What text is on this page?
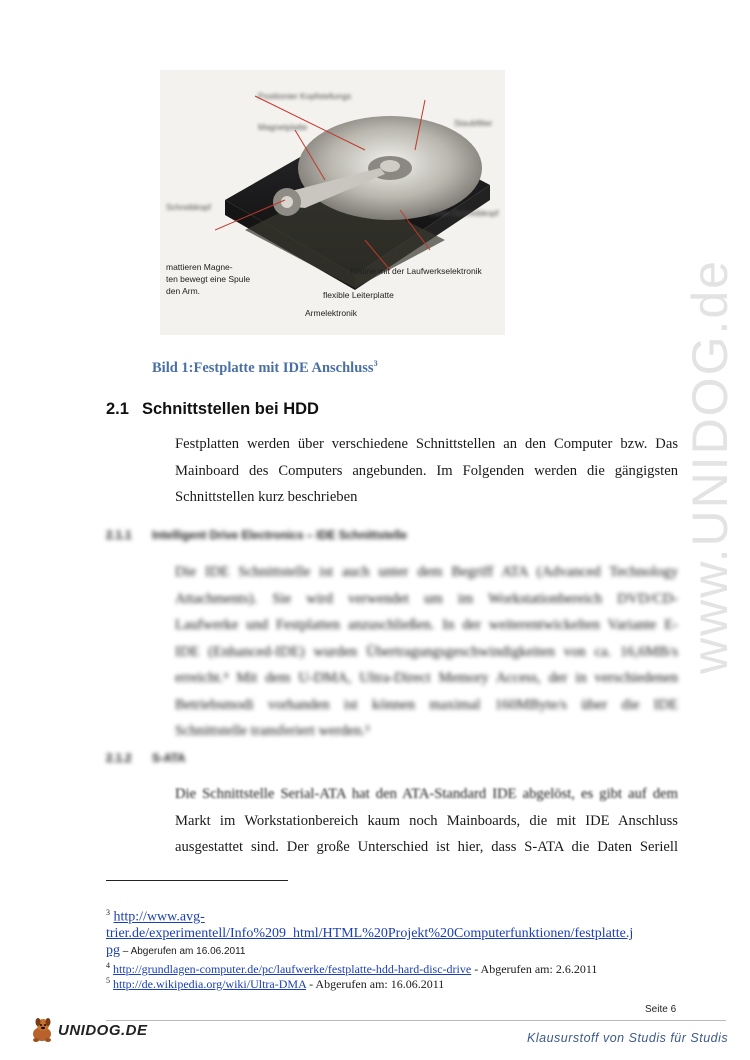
www.UNIDOG.de
Positionier Kopfstellungs
Magnetplatte	Staubfilter
Lese-/Schreibkopf
Schreibkopf
mattieren Magne-
ten bewegt eine Spule
den Arm.
Platine mit der Laufwerkselektronik
flexible Leiterplatte
Armelektronik
Bild 1:Festplatte mit IDE Anschluss$^3$
2.1 Schnittstellen bei HDD
Festplatten werden über verschiedene Schnittstellen an den Computer bzw. Das
Mainboard des Computers angebunden. Im Folgenden werden die gängigsten
Schnittstellen kurz beschrieben
2.1.1 Intelligent Drive Electronics – IDE Schnittstelle
Die IDE Schnittstelle ist auch unter dem Begriff ATA (Advanced Technology
Attachments). Sie wird verwendet um im Workstationbereich DVD/CD-
Laufwerke und Festplatten anzuschließen. In der weiterentwickelten Variante E-
IDE (Enhanced-IDE) wurden Übertragungsgeschwindigkeiten von ca. 16,6MB/s
erreicht.⁴ Mit dem U-DMA, Ultra-Direct Memory Access, der in verschiedenen
Betriebsmodi vorhanden ist können maximal 160MByte/s über die IDE
Schnittstelle transferiert werden.⁵
2.1.2 S-ATA
Die Schnittstelle Serial-ATA hat den ATA-Standard IDE abgelöst, es gibt auf dem
Markt im Workstationbereich kaum noch Mainboards, die mit IDE Anschluss
ausgestattet sind. Der große Unterschied ist hier, dass S-ATA die Daten Seriell
$^3$ http://www.avg-
trier.de/experimentell/Info%209_html/HTML%20Projekt%20Computerfunktionen/festplatte.j
pg – Abgerufen am 16.06.2011
$^4$ http://grundlagen-computer.de/pc/laufwerke/festplatte-hdd-hard-disc-drive - Abgerufen am: 2.6.2011
$^5$ http://de.wikipedia.org/wiki/Ultra-DMA - Abgerufen am: 16.06.2011
Seite 6
UNIDOG.DE	Klausurstoff von Studis für Studis
